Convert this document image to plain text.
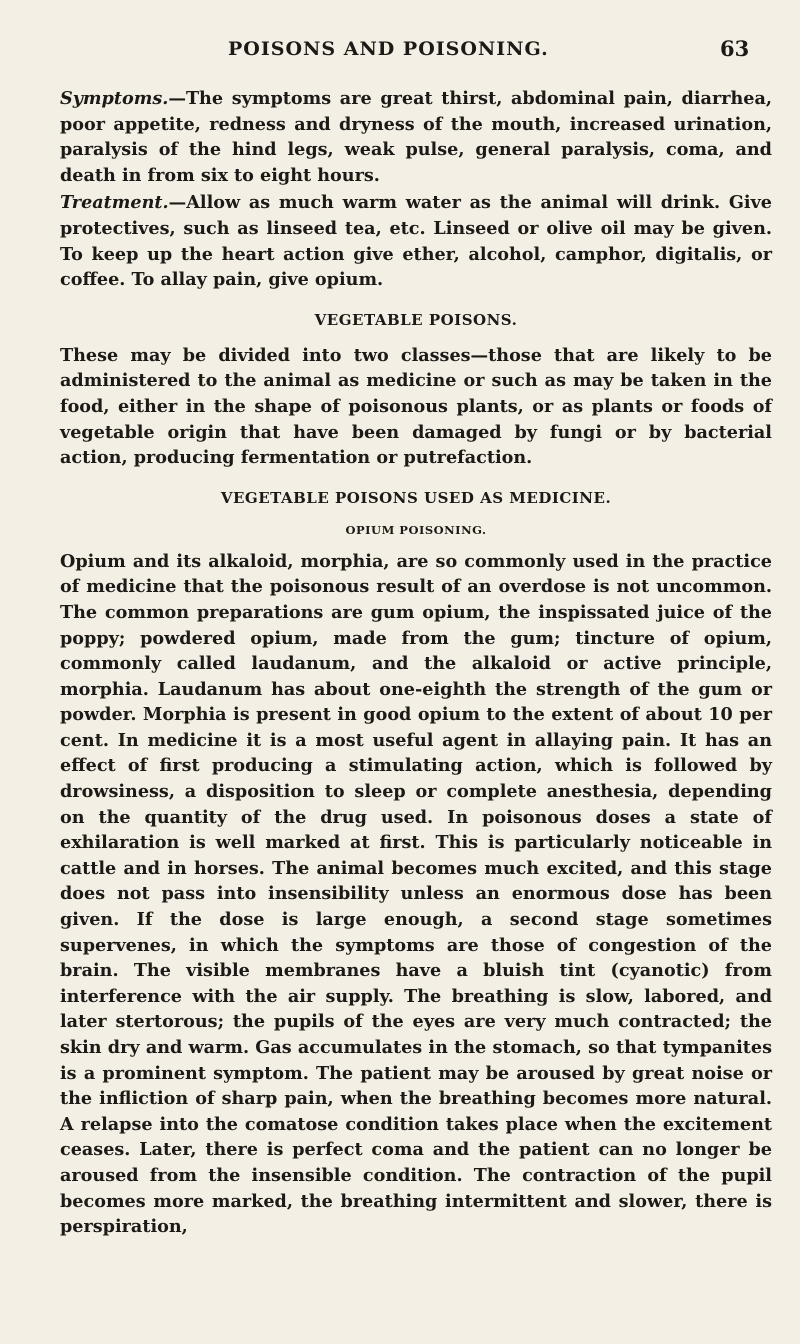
POISONS AND POISONING.	63

Symptoms.—The symptoms are great thirst, abdominal pain, diarrhea, poor appetite, redness and dryness of the mouth, increased urination, paralysis of the hind legs, weak pulse, general paralysis, coma, and death in from six to eight hours.

Treatment.—Allow as much warm water as the animal will drink. Give protectives, such as linseed tea, etc. Linseed or olive oil may be given. To keep up the heart action give ether, alcohol, camphor, digitalis, or coffee. To allay pain, give opium.

VEGETABLE POISONS.

These may be divided into two classes—those that are likely to be administered to the animal as medicine or such as may be taken in the food, either in the shape of poisonous plants, or as plants or foods of vegetable origin that have been damaged by fungi or by bacterial action, producing fermentation or putrefaction.

VEGETABLE POISONS USED AS MEDICINE.
OPIUM POISONING.

Opium and its alkaloid, morphia, are so commonly used in the practice of medicine that the poisonous result of an overdose is not uncommon. The common preparations are gum opium, the inspissated juice of the poppy; powdered opium, made from the gum; tincture of opium, commonly called laudanum, and the alkaloid or active principle, morphia. Laudanum has about one-eighth the strength of the gum or powder. Morphia is present in good opium to the extent of about 10 per cent. In medicine it is a most useful agent in allaying pain. It has an effect of first producing a stimulating action, which is followed by drowsiness, a disposition to sleep or complete anesthesia, depending on the quantity of the drug used. In poisonous doses a state of exhilaration is well marked at first. This is particularly noticeable in cattle and in horses. The animal becomes much excited, and this stage does not pass into insensibility unless an enormous dose has been given. If the dose is large enough, a second stage sometimes supervenes, in which the symptoms are those of congestion of the brain. The visible membranes have a bluish tint (cyanotic) from interference with the air supply. The breathing is slow, labored, and later stertorous; the pupils of the eyes are very much contracted; the skin dry and warm. Gas accumulates in the stomach, so that tympanites is a prominent symptom. The patient may be aroused by great noise or the infliction of sharp pain, when the breathing becomes more natural. A relapse into the comatose condition takes place when the excitement ceases. Later, there is perfect coma and the patient can no longer be aroused from the insensible condition. The contraction of the pupil becomes more marked, the breathing intermittent and slower, there is perspiration,
